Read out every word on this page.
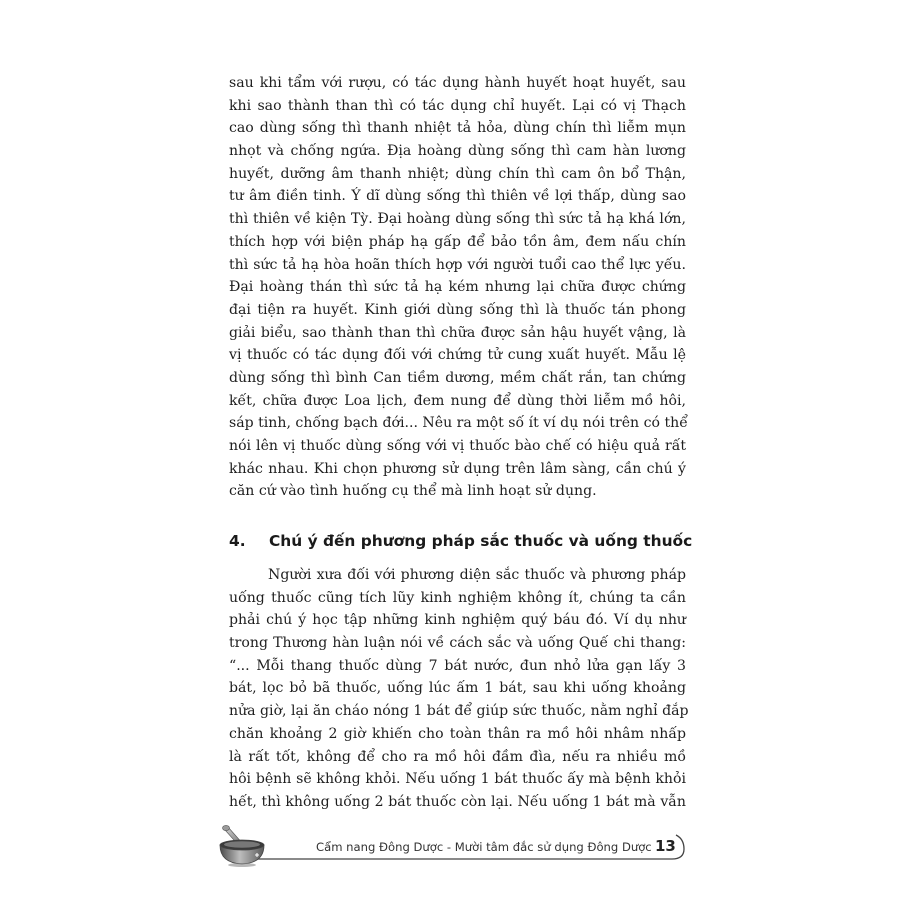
sau khi tẩm với rượu, có tác dụng hành huyết hoạt huyết, sau
khi sao thành than thì có tác dụng chỉ huyết. Lại có vị Thạch
cao dùng sống thì thanh nhiệt tả hỏa, dùng chín thì liễm mụn
nhọt và chống ngứa. Địa hoàng dùng sống thì cam hàn lương
huyết, dưỡng âm thanh nhiệt; dùng chín thì cam ôn bổ Thận,
tư âm điền tinh. Ý dĩ dùng sống thì thiên về lợi thấp, dùng sao
thì thiên về kiện Tỳ. Đại hoàng dùng sống thì sức tả hạ khá lớn,
thích hợp với biện pháp hạ gấp để bảo tồn âm, đem nấu chín
thì sức tả hạ hòa hoãn thích hợp với người tuổi cao thể lực yếu.
Đại hoàng thán thì sức tả hạ kém nhưng lại chữa được chứng
đại tiện ra huyết. Kinh giới dùng sống thì là thuốc tán phong
giải biểu, sao thành than thì chữa được sản hậu huyết vậng, là
vị thuốc có tác dụng đối với chứng tử cung xuất huyết. Mẫu lệ
dùng sống thì bình Can tiềm dương, mềm chất rắn, tan chứng
kết, chữa được Loa lịch, đem nung để dùng thời liễm mồ hôi,
sáp tinh, chống bạch đới... Nêu ra một số ít ví dụ nói trên có thể
nói lên vị thuốc dùng sống với vị thuốc bào chế có hiệu quả rất
khác nhau. Khi chọn phương sử dụng trên lâm sàng, cần chú ý
căn cứ vào tình huống cụ thể mà linh hoạt sử dụng.
4. Chú ý đến phương pháp sắc thuốc và uống thuốc
Người xưa đối với phương diện sắc thuốc và phương pháp
uống thuốc cũng tích lũy kinh nghiệm không ít, chúng ta cần
phải chú ý học tập những kinh nghiệm quý báu đó. Ví dụ như
trong Thương hàn luận nói về cách sắc và uống Quế chi thang:
“... Mỗi thang thuốc dùng 7 bát nước, đun nhỏ lửa gạn lấy 3
bát, lọc bỏ bã thuốc, uống lúc ấm 1 bát, sau khi uống khoảng
nửa giờ, lại ăn cháo nóng 1 bát để giúp sức thuốc, nằm nghỉ đắp
chăn khoảng 2 giờ khiến cho toàn thân ra mồ hôi nhâm nhấp
là rất tốt, không để cho ra mồ hôi đầm đìa, nếu ra nhiều mồ
hôi bệnh sẽ không khỏi. Nếu uống 1 bát thuốc ấy mà bệnh khỏi
hết, thì không uống 2 bát thuốc còn lại. Nếu uống 1 bát mà vẫn
Cẩm nang Đông Dược - Mười tâm đắc sử dụng Đông Dược 13
